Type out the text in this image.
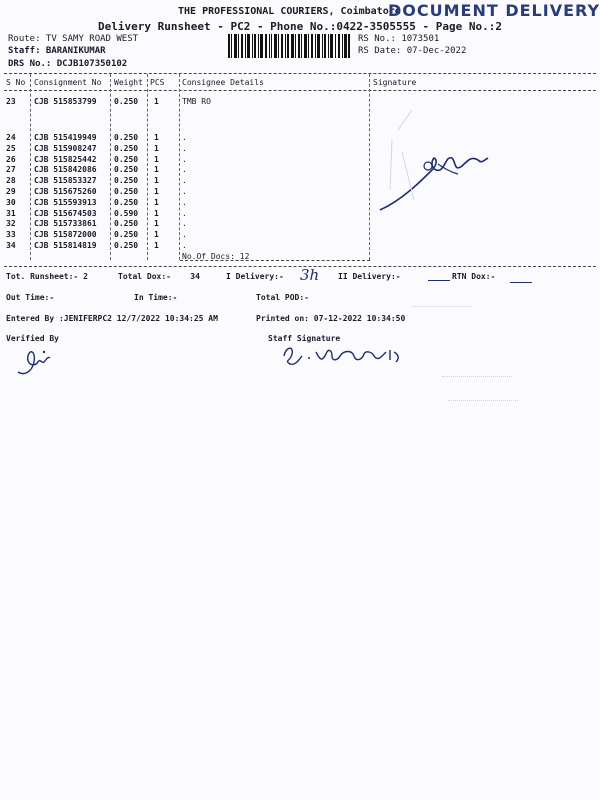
THE PROFESSIONAL COURIERS, Coimbatore
DOCUMENT DELIVERY
Delivery Runsheet - PC2 - Phone No.:0422-3505555 - Page No.:2
Route: TV SAMY ROAD WEST
Staff: BARANIKUMAR
DRS No.: DCJB107350102
RS No.: 1073501
RS Date: 07-Dec-2022
S No Consignment No Weight PCS Consignee Details	Signature
23 CJB 515853799 0.250 1	TMB RO
24 CJB 515419949 0.250 1	.
25 CJB 515908247 0.250 1	.
26 CJB 515825442 0.250 1	.
27 CJB 515842086 0.250 1	.
28 CJB 515853327 0.250 1	.
29 CJB 515675260 0.250 1	.
30 CJB 515593913 0.250 1	.
31 CJB 515674503 0.590 1	.
32 CJB 515733861 0.250 1	.
33 CJB 515872000 0.250 1	.
34 CJB 515814819 0.250 1	.
No.Of Docs: 12
Tot. Runsheet:- 2	Total Dox:-    34	I Delivery:- 3h II Delivery:-	RTN Dox:-
Out Time:-	In Time:-	Total POD:-
Entered By :JENIFERPC2 12/7/2022 10:34:25 AM	Printed on: 07-12-2022 10:34:50
Verified By	Staff Signature
